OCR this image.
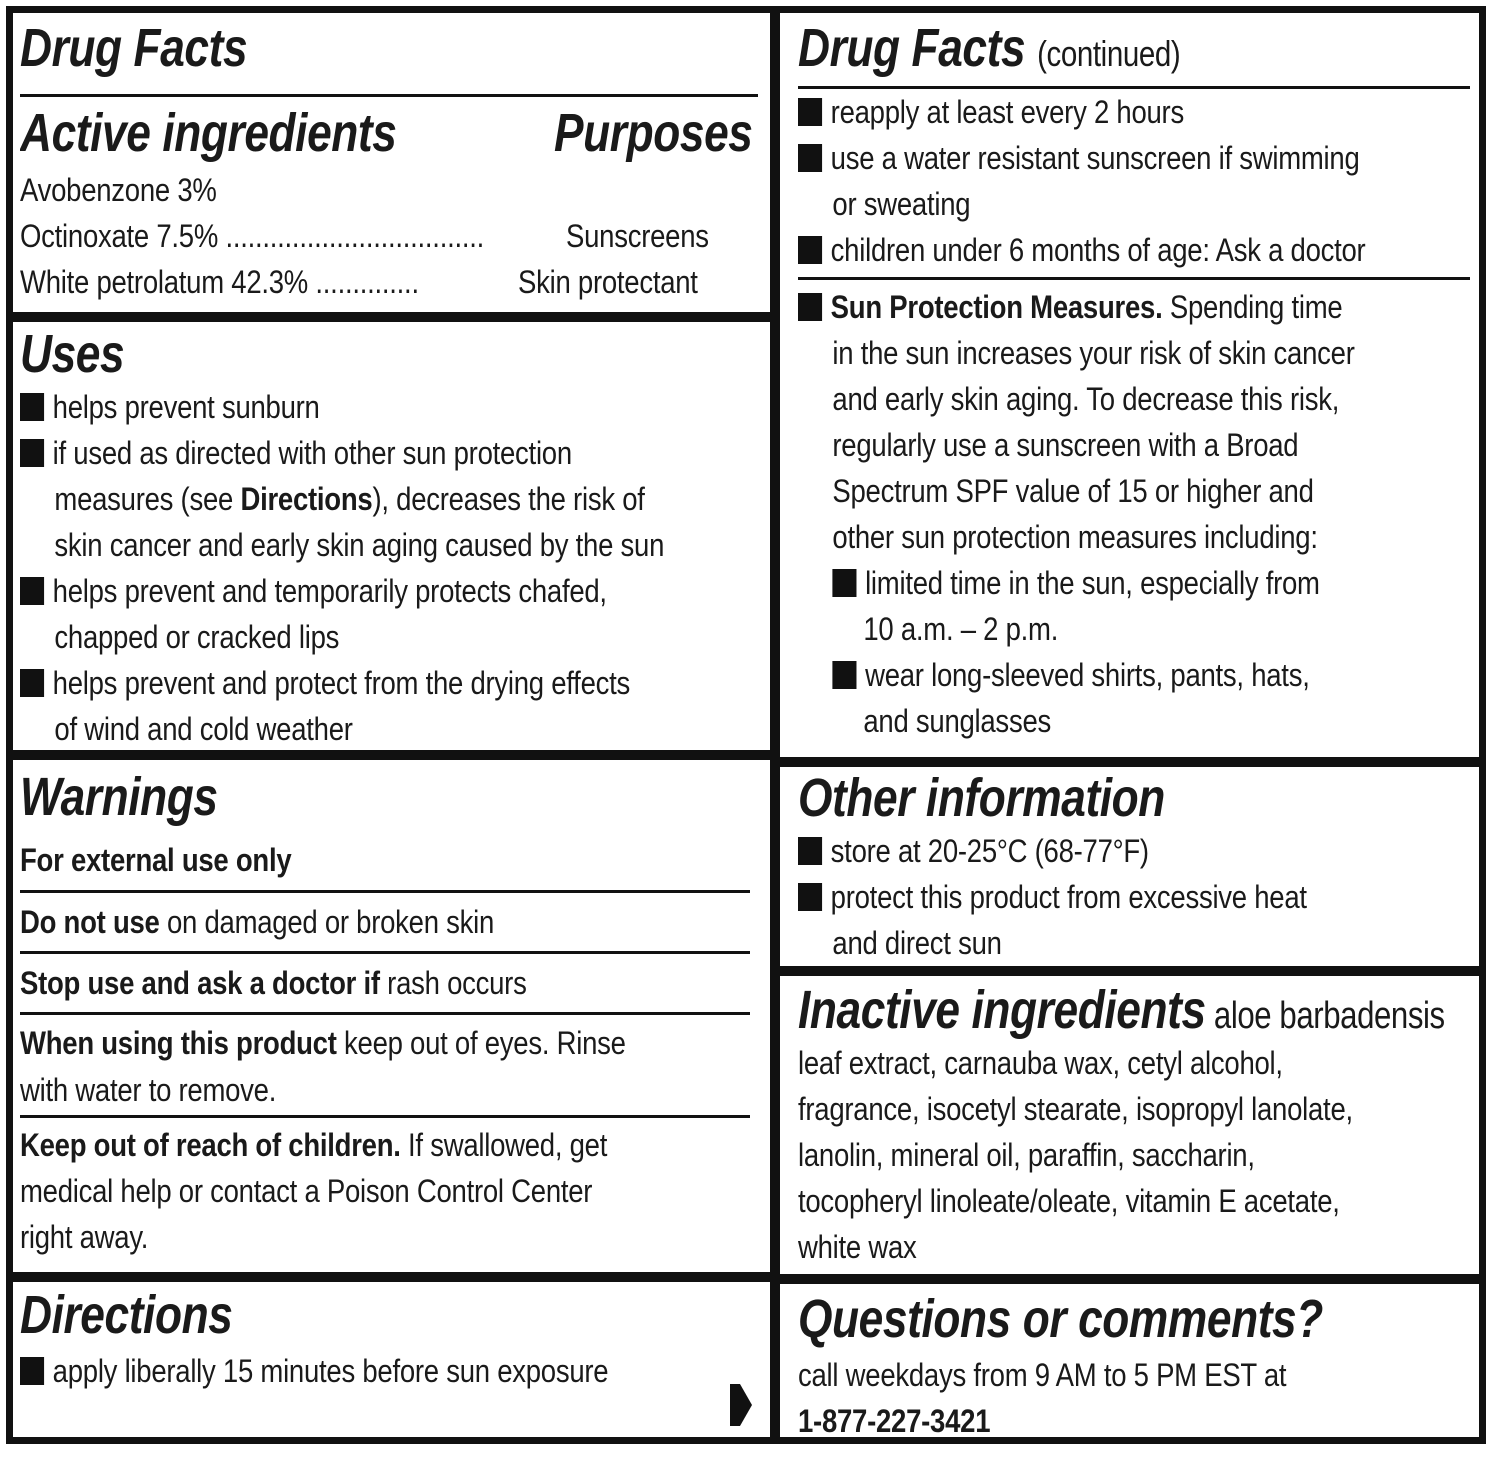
Drug Facts
Active ingredients	Purposes
Avobenzone 3%
Octinoxate 7.5% ...................................	Sunscreens
White petrolatum 42.3% ..............	Skin protectant
Uses
helps prevent sunburn
if used as directed with other sun protection
measures (see Directions), decreases the risk of
skin cancer and early skin aging caused by the sun
helps prevent and temporarily protects chafed,
chapped or cracked lips
helps prevent and protect from the drying effects
of wind and cold weather
Warnings
For external use only
Do not use on damaged or broken skin
Stop use and ask a doctor if rash occurs
When using this product keep out of eyes. Rinse
with water to remove.
Keep out of reach of children. If swallowed, get
medical help or contact a Poison Control Center
right away.
Directions
apply liberally 15 minutes before sun exposure
Drug Facts (continued)
reapply at least every 2 hours
use a water resistant sunscreen if swimming
or sweating
children under 6 months of age: Ask a doctor
Sun Protection Measures. Spending time
in the sun increases your risk of skin cancer
and early skin aging. To decrease this risk,
regularly use a sunscreen with a Broad
Spectrum SPF value of 15 or higher and
other sun protection measures including:
limited time in the sun, especially from
10 a.m. – 2 p.m.
wear long-sleeved shirts, pants, hats,
and sunglasses
Other information
store at 20-25°C (68-77°F)
protect this product from excessive heat
and direct sun
Inactive ingredients aloe barbadensis
leaf extract, carnauba wax, cetyl alcohol,
fragrance, isocetyl stearate, isopropyl lanolate,
lanolin, mineral oil, paraffin, saccharin,
tocopheryl linoleate/oleate, vitamin E acetate,
white wax
Questions or comments?
call weekdays from 9 AM to 5 PM EST at
1-877-227-3421
